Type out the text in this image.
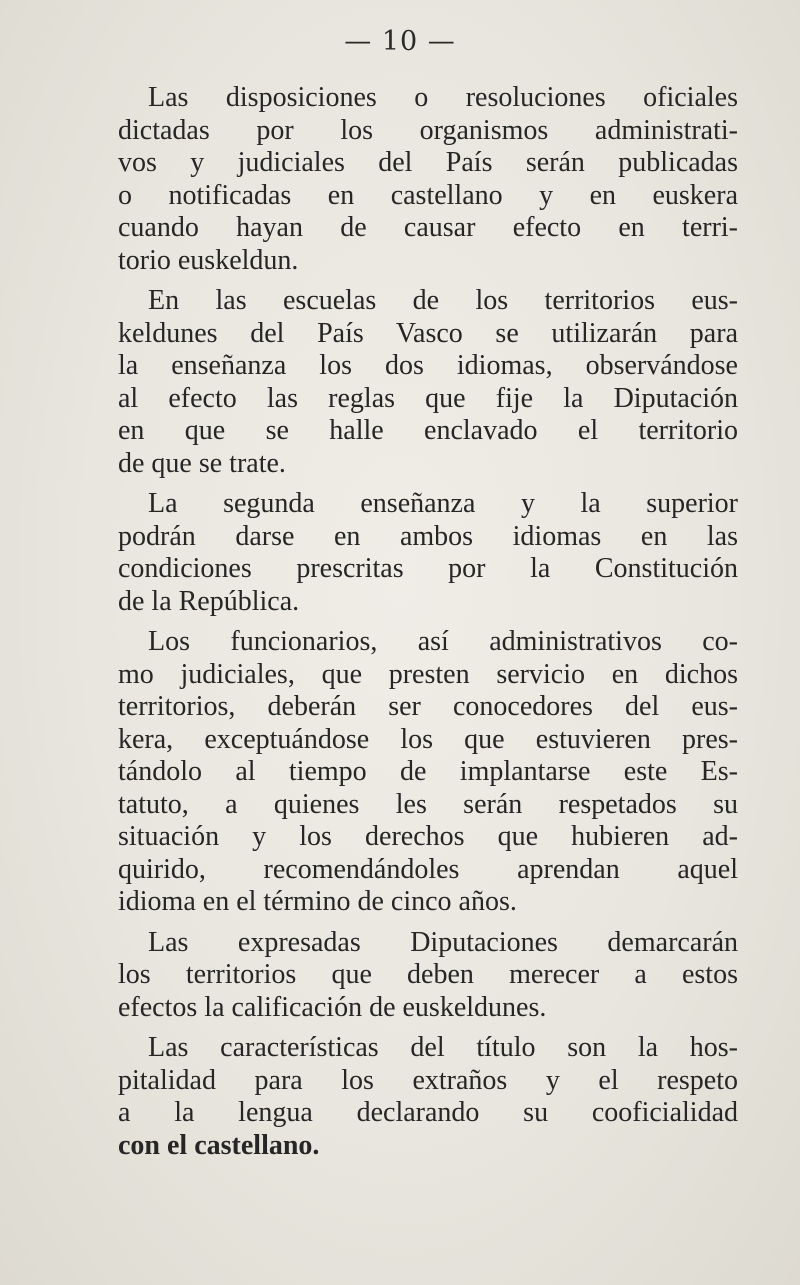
— 10 —
Las disposiciones o resoluciones oficiales
dictadas por los organismos administrati-
vos y judiciales del País serán publicadas
o notificadas en castellano y en euskera
cuando hayan de causar efecto en terri-
torio euskeldun.
En las escuelas de los territorios eus-
keldunes del País Vasco se utilizarán para
la enseñanza los dos idiomas, observándose
al efecto las reglas que fije la Diputación
en que se halle enclavado el territorio
de que se trate.
La segunda enseñanza y la superior
podrán darse en ambos idiomas en las
condiciones prescritas por la Constitución
de la República.
Los funcionarios, así administrativos co-
mo judiciales, que presten servicio en dichos
territorios, deberán ser conocedores del eus-
kera, exceptuándose los que estuvieren pres-
tándolo al tiempo de implantarse este Es-
tatuto, a quienes les serán respetados su
situación y los derechos que hubieren ad-
quirido, recomendándoles aprendan aquel
idioma en el término de cinco años.
Las expresadas Diputaciones demarcarán
los territorios que deben merecer a estos
efectos la calificación de euskeldunes.
Las características del título son la hos-
pitalidad para los extraños y el respeto
a la lengua declarando su cooficialidad
con el castellano.
